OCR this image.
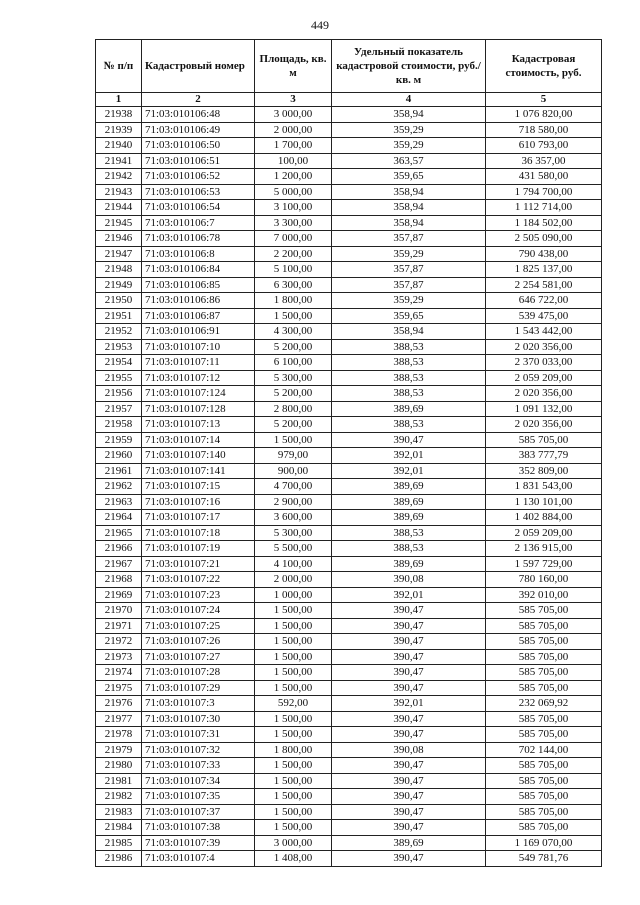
449
№ п/п	Кадастровый номер	Площадь, кв. м	Удельный показатель кадастровой стоимости, руб./кв. м	Кадастровая стоимость, руб.
1	2	3	4	5
21938	71:03:010106:48	3 000,00	358,94	1 076 820,00
21939	71:03:010106:49	2 000,00	359,29	718 580,00
21940	71:03:010106:50	1 700,00	359,29	610 793,00
21941	71:03:010106:51	100,00	363,57	36 357,00
21942	71:03:010106:52	1 200,00	359,65	431 580,00
21943	71:03:010106:53	5 000,00	358,94	1 794 700,00
21944	71:03:010106:54	3 100,00	358,94	1 112 714,00
21945	71:03:010106:7	3 300,00	358,94	1 184 502,00
21946	71:03:010106:78	7 000,00	357,87	2 505 090,00
21947	71:03:010106:8	2 200,00	359,29	790 438,00
21948	71:03:010106:84	5 100,00	357,87	1 825 137,00
21949	71:03:010106:85	6 300,00	357,87	2 254 581,00
21950	71:03:010106:86	1 800,00	359,29	646 722,00
21951	71:03:010106:87	1 500,00	359,65	539 475,00
21952	71:03:010106:91	4 300,00	358,94	1 543 442,00
21953	71:03:010107:10	5 200,00	388,53	2 020 356,00
21954	71:03:010107:11	6 100,00	388,53	2 370 033,00
21955	71:03:010107:12	5 300,00	388,53	2 059 209,00
21956	71:03:010107:124	5 200,00	388,53	2 020 356,00
21957	71:03:010107:128	2 800,00	389,69	1 091 132,00
21958	71:03:010107:13	5 200,00	388,53	2 020 356,00
21959	71:03:010107:14	1 500,00	390,47	585 705,00
21960	71:03:010107:140	979,00	392,01	383 777,79
21961	71:03:010107:141	900,00	392,01	352 809,00
21962	71:03:010107:15	4 700,00	389,69	1 831 543,00
21963	71:03:010107:16	2 900,00	389,69	1 130 101,00
21964	71:03:010107:17	3 600,00	389,69	1 402 884,00
21965	71:03:010107:18	5 300,00	388,53	2 059 209,00
21966	71:03:010107:19	5 500,00	388,53	2 136 915,00
21967	71:03:010107:21	4 100,00	389,69	1 597 729,00
21968	71:03:010107:22	2 000,00	390,08	780 160,00
21969	71:03:010107:23	1 000,00	392,01	392 010,00
21970	71:03:010107:24	1 500,00	390,47	585 705,00
21971	71:03:010107:25	1 500,00	390,47	585 705,00
21972	71:03:010107:26	1 500,00	390,47	585 705,00
21973	71:03:010107:27	1 500,00	390,47	585 705,00
21974	71:03:010107:28	1 500,00	390,47	585 705,00
21975	71:03:010107:29	1 500,00	390,47	585 705,00
21976	71:03:010107:3	592,00	392,01	232 069,92
21977	71:03:010107:30	1 500,00	390,47	585 705,00
21978	71:03:010107:31	1 500,00	390,47	585 705,00
21979	71:03:010107:32	1 800,00	390,08	702 144,00
21980	71:03:010107:33	1 500,00	390,47	585 705,00
21981	71:03:010107:34	1 500,00	390,47	585 705,00
21982	71:03:010107:35	1 500,00	390,47	585 705,00
21983	71:03:010107:37	1 500,00	390,47	585 705,00
21984	71:03:010107:38	1 500,00	390,47	585 705,00
21985	71:03:010107:39	3 000,00	389,69	1 169 070,00
21986	71:03:010107:4	1 408,00	390,47	549 781,76
